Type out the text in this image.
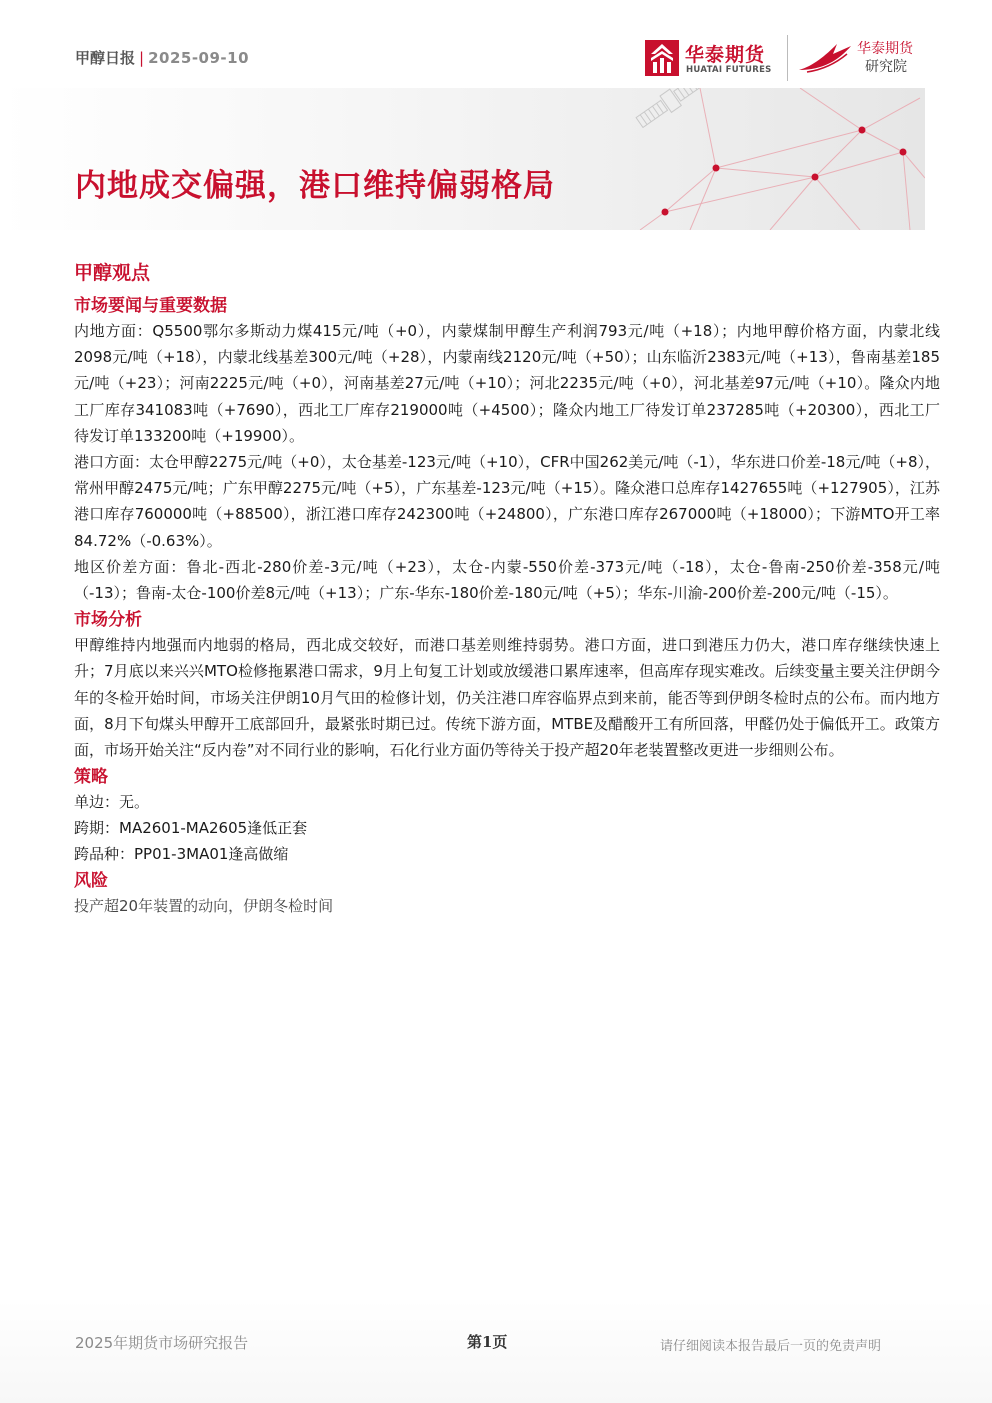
甲醇日报 | 2025-09-10	华泰期货
HUATAI FUTURES
华泰期货
研究院
内地成交偏强，港口维持偏弱格局
甲醇观点
市场要闻与重要数据

内地方面：Q5500鄂尔多斯动力煤415元/吨（+0），内蒙煤制甲醇生产利润793元/吨（+18）；内地甲醇价格方面，内蒙北线2098元/吨（+18），内蒙北线基差300元/吨（+28），内蒙南线2120元/吨（+50）；山东临沂2383元/吨（+13），鲁南基差185元/吨（+23）；河南2225元/吨（+0），河南基差27元/吨（+10）；河北2235元/吨（+0），河北基差97元/吨（+10）。隆众内地工厂库存341083吨（+7690），西北工厂库存219000吨（+4500）；隆众内地工厂待发订单237285吨（+20300），西北工厂待发订单133200吨（+19900）。

港口方面：太仓甲醇2275元/吨（+0），太仓基差-123元/吨（+10），CFR中国262美元/吨（-1），华东进口价差-18元/吨（+8），常州甲醇2475元/吨；广东甲醇2275元/吨（+5），广东基差-123元/吨（+15）。隆众港口总库存1427655吨（+127905），江苏港口库存760000吨（+88500），浙江港口库存242300吨（+24800），广东港口库存267000吨（+18000）；下游MTO开工率84.72%（-0.63%）。

地区价差方面：鲁北-西北-280价差-3元/吨（+23），太仓-内蒙-550价差-373元/吨（-18），太仓-鲁南-250价差-358元/吨（-13）；鲁南-太仓-100价差8元/吨（+13）；广东-华东-180价差-180元/吨（+5）；华东-川渝-200价差-200元/吨（-15）。

市场分析

甲醇维持内地强而内地弱的格局，西北成交较好，而港口基差则维持弱势。港口方面，进口到港压力仍大，港口库存继续快速上升；7月底以来兴兴MTO检修拖累港口需求，9月上旬复工计划或放缓港口累库速率，但高库存现实难改。后续变量主要关注伊朗今年的冬检开始时间，市场关注伊朗10月气田的检修计划，仍关注港口库容临界点到来前，能否等到伊朗冬检时点的公布。而内地方面，8月下旬煤头甲醇开工底部回升，最紧张时期已过。传统下游方面，MTBE及醋酸开工有所回落，甲醛仍处于偏低开工。政策方面，市场开始关注“反内卷”对不同行业的影响，石化行业方面仍等待关于投产超20年老装置整改更进一步细则公布。

策略

单边：无。

跨期：MA2601-MA2605逢低正套

跨品种：PP01-3MA01逢高做缩

风险

投产超20年装置的动向，伊朗冬检时间

2025年期货市场研究报告	第1页	请仔细阅读本报告最后一页的免责声明
